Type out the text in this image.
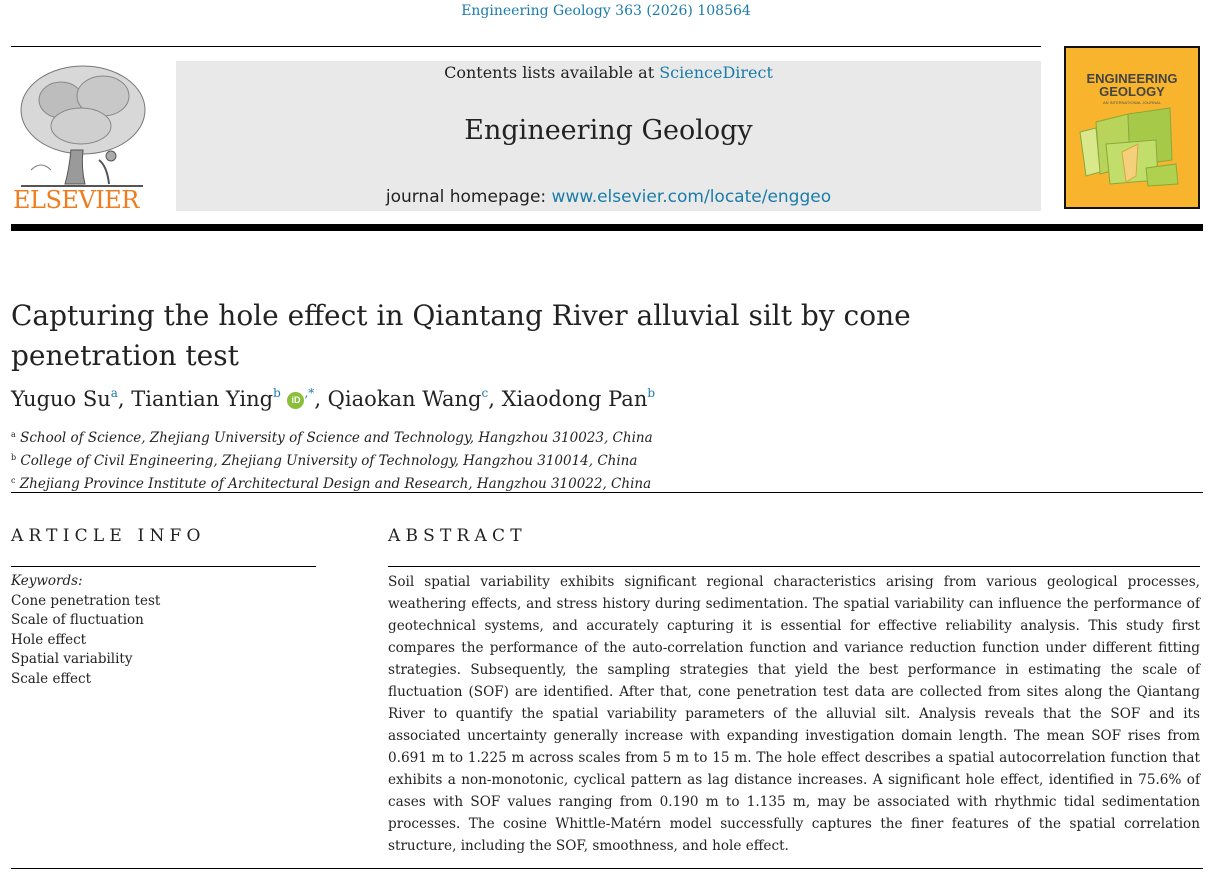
Engineering Geology 363 (2026) 108564
ELSEVIER
Contents lists available at ScienceDirect
Engineering Geology
journal homepage: www.elsevier.com/locate/enggeo
ENGINEERING
GEOLOGY
AN INTERNATIONAL JOURNAL
Capturing the hole effect in Qiantang River alluvial silt by cone penetration test
Yuguo Su$^a$, Tiantian Ying$^b$ iD ,*, Qiaokan Wang$^c$, Xiaodong Pan$^b$
$^a$ School of Science, Zhejiang University of Science and Technology, Hangzhou 310023, China
$^b$ College of Civil Engineering, Zhejiang University of Technology, Hangzhou 310014, China
$^c$ Zhejiang Province Institute of Architectural Design and Research, Hangzhou 310022, China
ARTICLE INFO	ABSTRACT
Keywords:
Cone penetration test
Scale of fluctuation
Hole effect
Spatial variability
Scale effect

Soil spatial variability exhibits significant regional characteristics arising from various geological processes, weathering effects, and stress history during sedimentation. The spatial variability can influence the performance of geotechnical systems, and accurately capturing it is essential for effective reliability analysis. This study first compares the performance of the auto-correlation function and variance reduction function under different fitting strategies. Subsequently, the sampling strategies that yield the best performance in estimating the scale of fluctuation (SOF) are identified. After that, cone penetration test data are collected from sites along the Qiantang River to quantify the spatial variability parameters of the alluvial silt. Analysis reveals that the SOF and its associated uncertainty generally increase with expanding investigation domain length. The mean SOF rises from 0.691 m to 1.225 m across scales from 5 m to 15 m. The hole effect describes a spatial autocorrelation function that exhibits a non-monotonic, cyclical pattern as lag distance increases. A significant hole effect, identified in 75.6% of cases with SOF values ranging from 0.190 m to 1.135 m, may be associated with rhythmic tidal sedimentation processes. The cosine Whittle-Matérn model successfully captures the finer features of the spatial correlation structure, including the SOF, smoothness, and hole effect.
